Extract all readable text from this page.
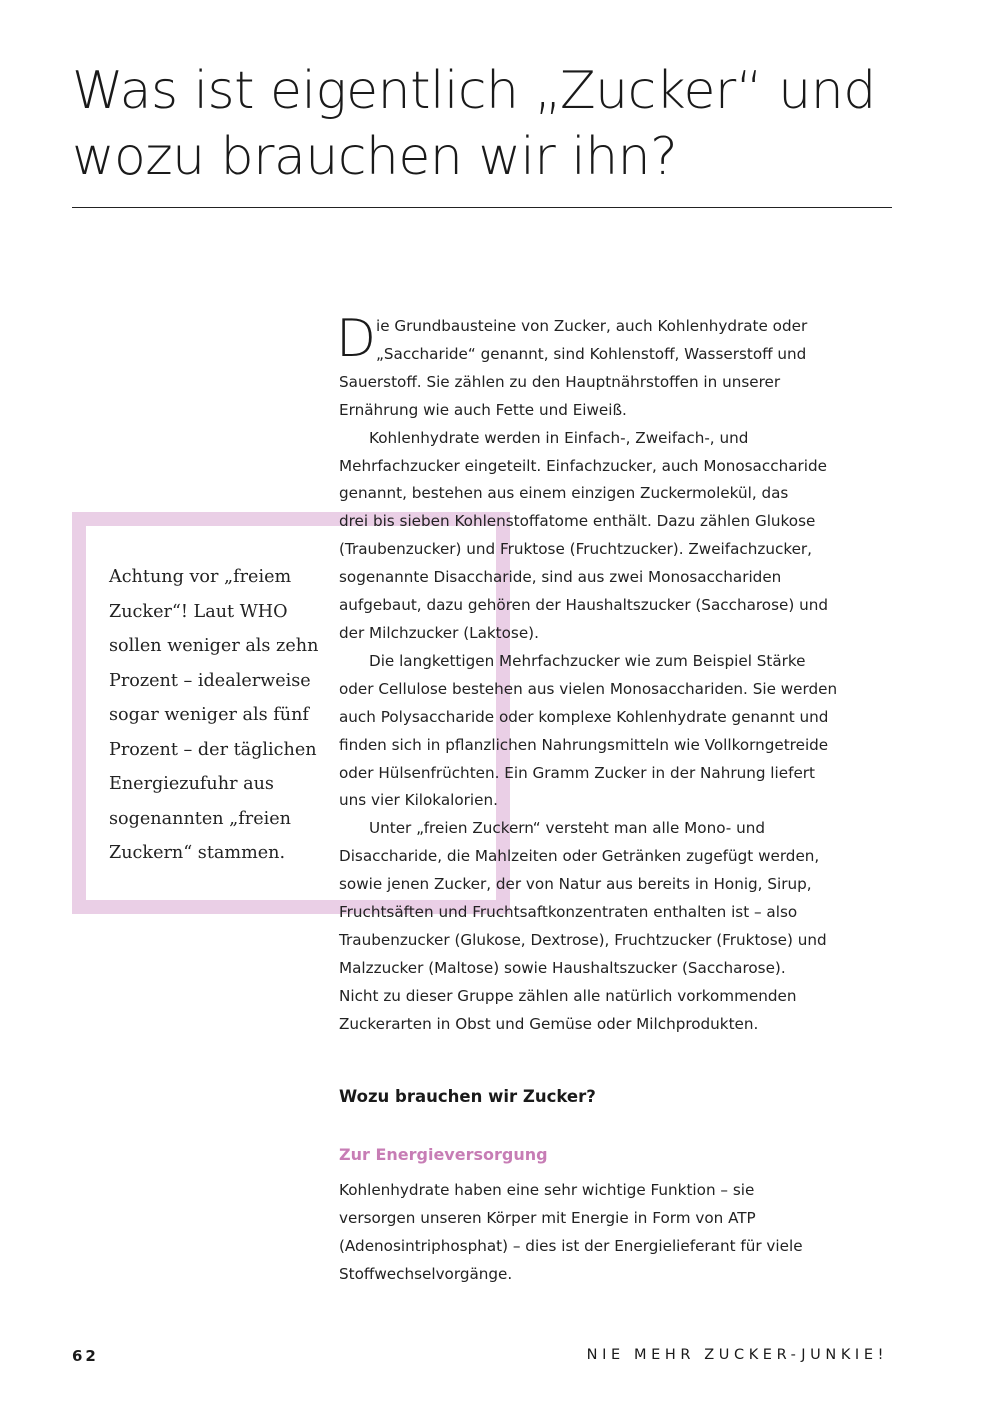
Was ist eigentlich „Zucker“ und
wozu brauchen wir ihn?
Achtung vor „freiem
Zucker“! Laut WHO
sollen weniger als zehn
Prozent – idealerweise
sogar weniger als fünf
Prozent – der täglichen
Energiezufuhr aus
sogenannten „freien
Zuckern“ stammen.
D ie Grundbausteine von Zucker, auch Kohlenhydrate oder
„Saccharide“ genannt, sind Kohlenstoff, Wasserstoff und
Sauerstoff. Sie zählen zu den Hauptnährstoffen in unserer
Ernährung wie auch Fette und Eiweiß.
Kohlenhydrate werden in Einfach-, Zweifach-, und
Mehrfachzucker eingeteilt. Einfachzucker, auch Monosaccharide
genannt, bestehen aus einem einzigen Zuckermolekül, das
drei bis sieben Kohlenstoffatome enthält. Dazu zählen Glukose
(Traubenzucker) und Fruktose (Fruchtzucker). Zweifachzucker,
sogenannte Disaccharide, sind aus zwei Monosacchariden
aufgebaut, dazu gehören der Haushaltszucker (Saccharose) und
der Milchzucker (Laktose).
Die langkettigen Mehrfachzucker wie zum Beispiel Stärke
oder Cellulose bestehen aus vielen Monosacchariden. Sie werden
auch Polysaccharide oder komplexe Kohlenhydrate genannt und
finden sich in pflanzlichen Nahrungsmitteln wie Vollkorngetreide
oder Hülsenfrüchten. Ein Gramm Zucker in der Nahrung liefert
uns vier Kilokalorien.
Unter „freien Zuckern“ versteht man alle Mono- und
Disaccharide, die Mahlzeiten oder Getränken zugefügt werden,
sowie jenen Zucker, der von Natur aus bereits in Honig, Sirup,
Fruchtsäften und Fruchtsaftkonzentraten enthalten ist – also
Traubenzucker (Glukose, Dextrose), Fruchtzucker (Fruktose) und
Malzzucker (Maltose) sowie Haushaltszucker (Saccharose).
Nicht zu dieser Gruppe zählen alle natürlich vorkommenden
Zuckerarten in Obst und Gemüse oder Milchprodukten.
Wozu brauchen wir Zucker?
Zur Energieversorgung
Kohlenhydrate haben eine sehr wichtige Funktion – sie
versorgen unseren Körper mit Energie in Form von ATP
(Adenosintriphosphat) – dies ist der Energielieferant für viele
Stoffwechselvorgänge.
62	NIE MEHR ZUCKER-JUNKIE!
